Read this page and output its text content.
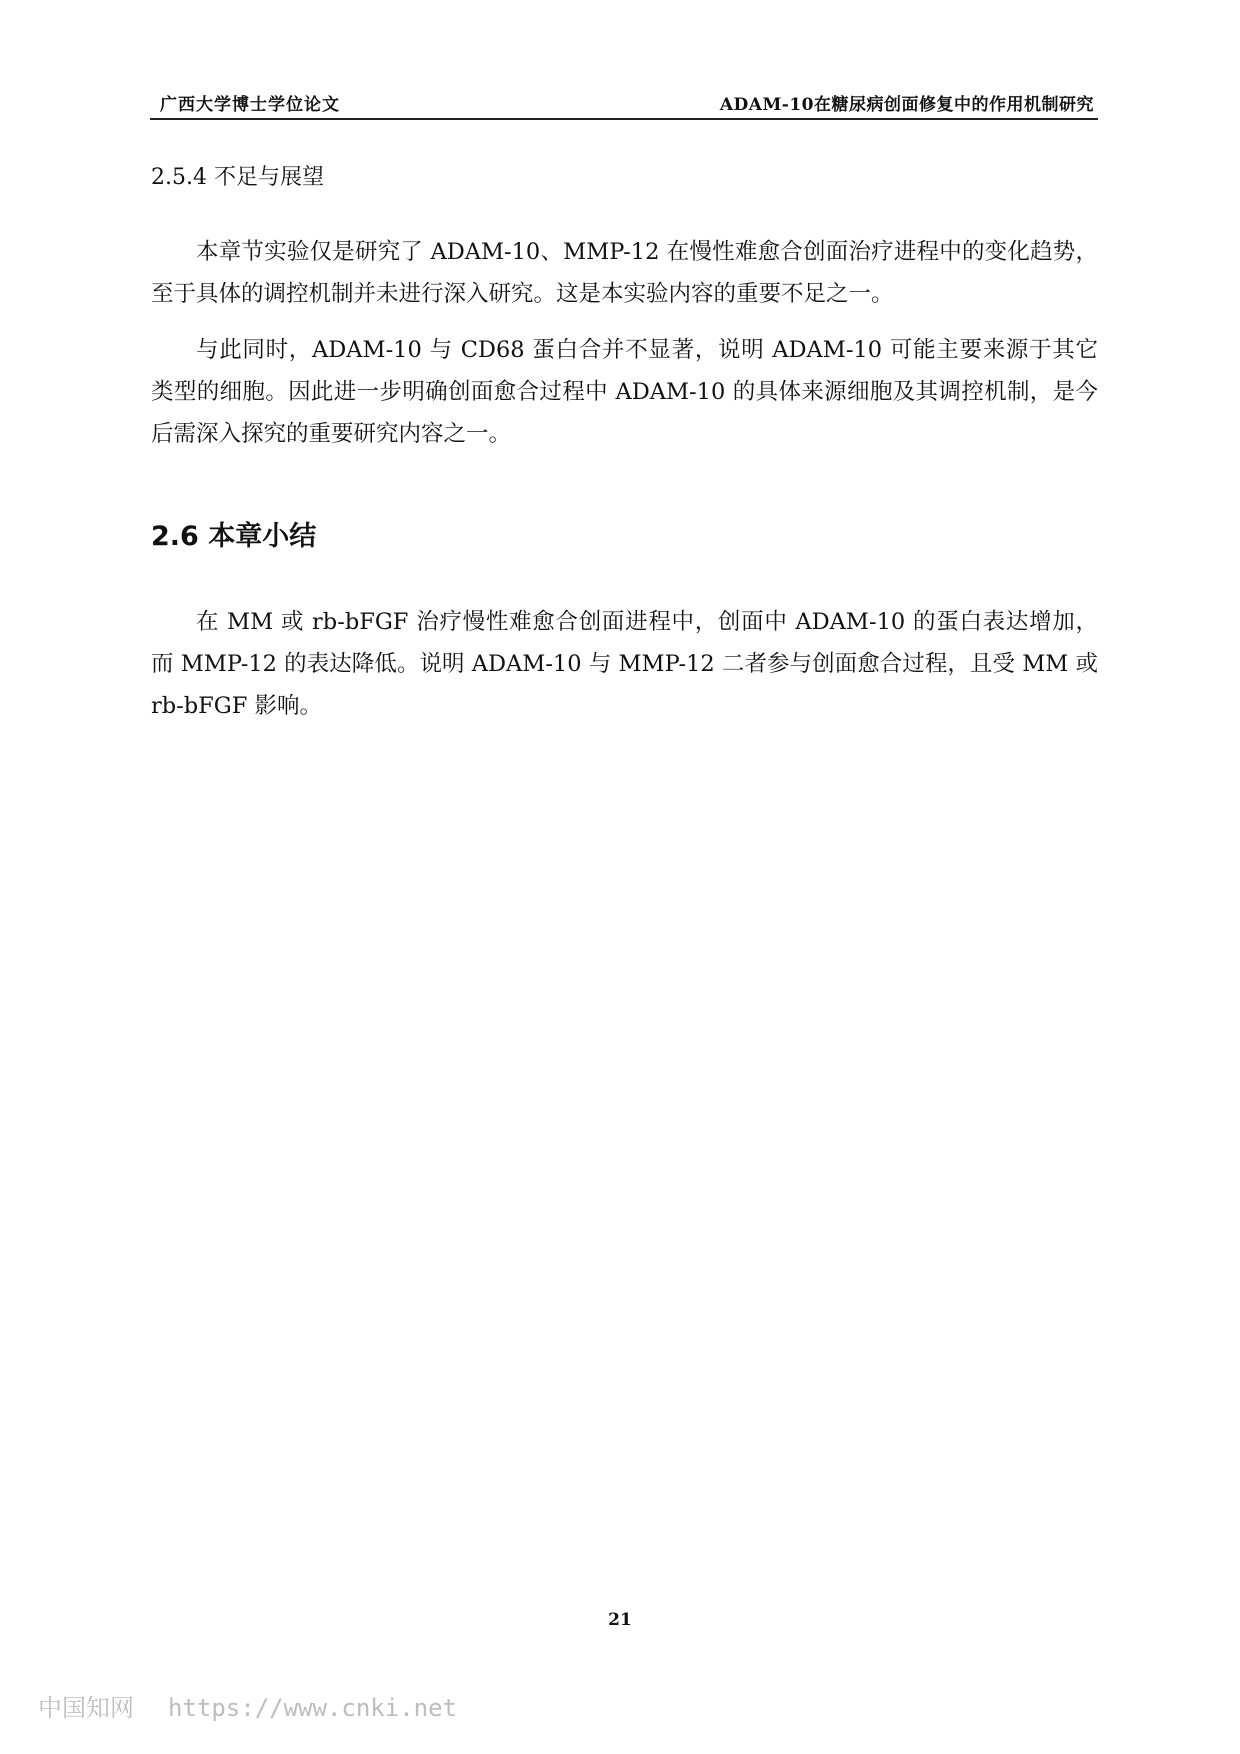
广西大学博士学位论文	ADAM-10在糖尿病创面修复中的作用机制研究
2.5.4 不足与展望

本章节实验仅是研究了 ADAM-10、MMP-12 在慢性难愈合创面治疗进程中的变化趋势，至于具体的调控机制并未进行深入研究。这是本实验内容的重要不足之一。

与此同时，ADAM-10 与 CD68 蛋白合并不显著，说明 ADAM-10 可能主要来源于其它类型的细胞。因此进一步明确创面愈合过程中 ADAM-10 的具体来源细胞及其调控机制，是今后需深入探究的重要研究内容之一。

2.6 本章小结

在 MM 或 rb-bFGF 治疗慢性难愈合创面进程中，创面中 ADAM-10 的蛋白表达增加，而 MMP-12 的表达降低。说明 ADAM-10 与 MMP-12 二者参与创面愈合过程，且受 MM 或 rb-bFGF 影响。

21
中国知网 https://www.cnki.net
